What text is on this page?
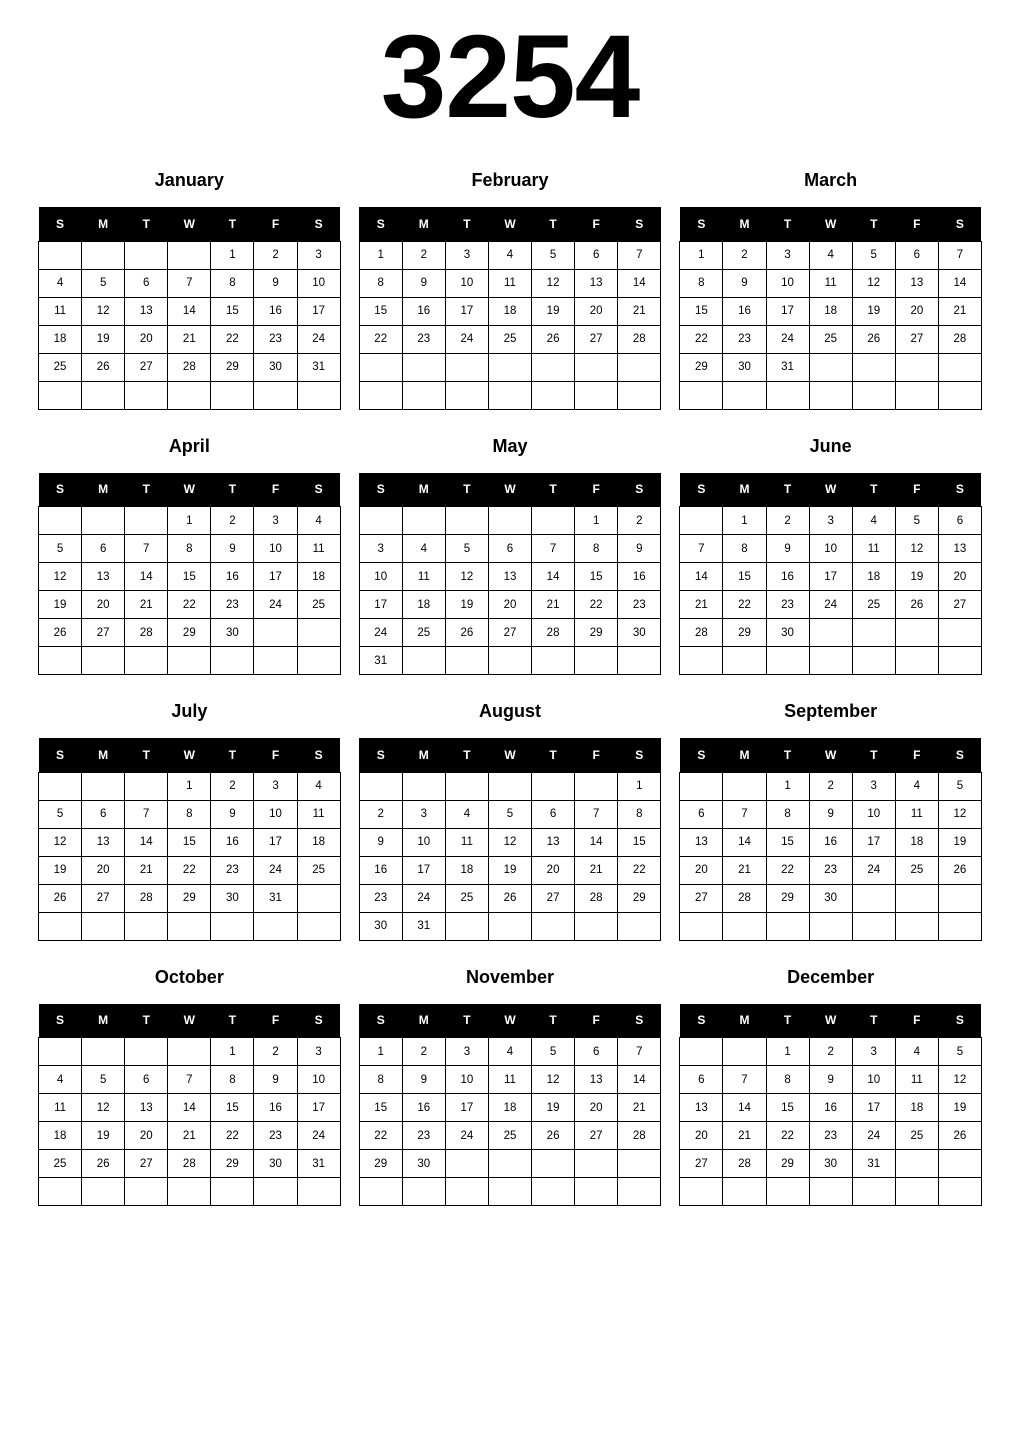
3254
January
S	M	T	W	T	F	S
				1	2	3
4	5	6	7	8	9	10
11	12	13	14	15	16	17
18	19	20	21	22	23	24
25	26	27	28	29	30	31

February
S	M	T	W	T	F	S
1	2	3	4	5	6	7
8	9	10	11	12	13	14
15	16	17	18	19	20	21
22	23	24	25	26	27	28

March
S	M	T	W	T	F	S
1	2	3	4	5	6	7
8	9	10	11	12	13	14
15	16	17	18	19	20	21
22	23	24	25	26	27	28
29	30	31				

April
S	M	T	W	T	F	S
			1	2	3	4
5	6	7	8	9	10	11
12	13	14	15	16	17	18
19	20	21	22	23	24	25
26	27	28	29	30		

May
S	M	T	W	T	F	S
					1	2
3	4	5	6	7	8	9
10	11	12	13	14	15	16
17	18	19	20	21	22	23
24	25	26	27	28	29	30
31						
June
S	M	T	W	T	F	S
	1	2	3	4	5	6
7	8	9	10	11	12	13
14	15	16	17	18	19	20
21	22	23	24	25	26	27
28	29	30				

July
S	M	T	W	T	F	S
			1	2	3	4
5	6	7	8	9	10	11
12	13	14	15	16	17	18
19	20	21	22	23	24	25
26	27	28	29	30	31	

August
S	M	T	W	T	F	S
						1
2	3	4	5	6	7	8
9	10	11	12	13	14	15
16	17	18	19	20	21	22
23	24	25	26	27	28	29
30	31					
September
S	M	T	W	T	F	S
		1	2	3	4	5
6	7	8	9	10	11	12
13	14	15	16	17	18	19
20	21	22	23	24	25	26
27	28	29	30			

October
S	M	T	W	T	F	S
				1	2	3
4	5	6	7	8	9	10
11	12	13	14	15	16	17
18	19	20	21	22	23	24
25	26	27	28	29	30	31

November
S	M	T	W	T	F	S
1	2	3	4	5	6	7
8	9	10	11	12	13	14
15	16	17	18	19	20	21
22	23	24	25	26	27	28
29	30					

December
S	M	T	W	T	F	S
		1	2	3	4	5
6	7	8	9	10	11	12
13	14	15	16	17	18	19
20	21	22	23	24	25	26
27	28	29	30	31		
